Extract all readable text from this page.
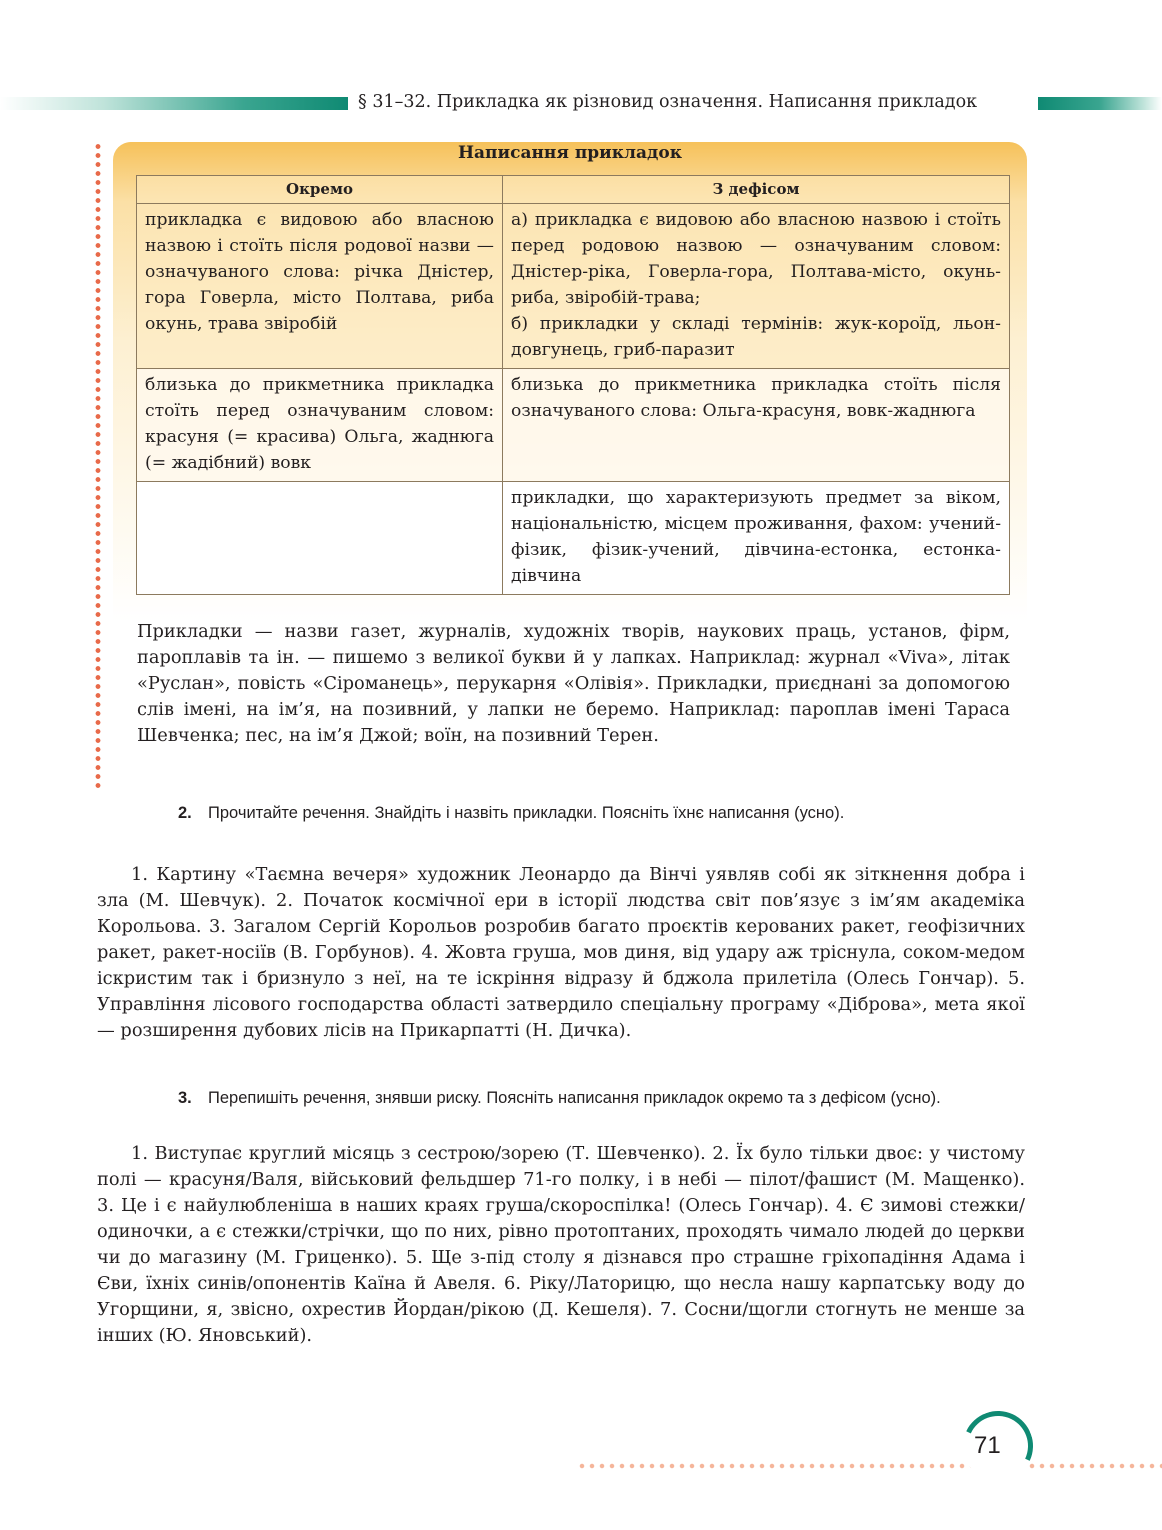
§ 31–32. Прикладка як різновид означення. Написання прикладок
Написання прикладок
Окремо	З дефісом
прикладка є видовою або власною назвою і стоїть після родової назви — означуваного слова: річка Дністер, гора Говерла, місто Полтава, риба окунь, трава звіробій	а) прикладка є видовою або власною назвою і стоїть перед родовою назвою — означуваним словом: Дністер-ріка, Говерла-гора, Полтава-місто, окунь-риба, звіробій-трава;
б) прикладки у складі термінів: жук-короїд, льон-довгунець, гриб-паразит

близька до прикметника прикладка стоїть перед означуваним словом: красуня (= красива) Ольга, жаднюга (= жадібний) вовк	близька до прикметника прикладка стоїть після означуваного слова: Ольга-красуня, вовк-жаднюга
	прикладки, що характеризують предмет за віком, національністю, місцем проживання, фахом: учений-фізик, фізик-учений, дівчина-естонка, естонка-дівчина
Прикладки — назви газет, журналів, художніх творів, наукових праць, установ, фірм, пароплавів та ін. — пишемо з великої букви й у лапках. Наприклад: журнал «Viva», літак «Руслан», повість «Сіроманець», перукарня «Олівія». Прикладки, приєднані за допомогою слів імені, на ім’я, на позивний, у лапки не беремо. Наприклад: пароплав імені Тараса Шевченка; пес, на ім’я Джой; воїн, на позивний Терен.
2. Прочитайте речення. Знайдіть і назвіть прикладки. Поясніть їхнє написання (усно).
1. Картину «Таємна вечеря» художник Леонардо да Вінчі уявляв собі як зіткнення добра і зла (М. Шевчук). 2. Початок космічної ери в історії людства світ пов’язує з ім’ям академіка Корольова. 3. Загалом Сергій Корольов розробив багато проєктів керованих ракет, геофізичних ракет, ракет-носіїв (В. Горбунов). 4. Жовта груша, мов диня, від удару аж тріснула, соком-медом іскристим так і бризнуло з неї, на те іскріння відразу й бджола прилетіла (Олесь Гончар). 5. Управління лісового господарства області затвердило спеціальну програму «Діброва», мета якої — розширення дубових лісів на Прикарпатті (Н. Дичка).
3. Перепишіть речення, знявши риску. Поясніть написання прикладок окремо та з дефісом (усно).
1. Виступає круглий місяць з сестрою/зорею (Т. Шевченко). 2. Їх було тільки двоє: у чистому полі — красуня/Валя, військовий фельдшер 71-го полку, і в небі — пілот/фашист (М. Мащенко). 3. Це і є найулюбленіша в наших краях груша/скороспілка! (Олесь Гончар). 4. Є зимові стежки/одиночки, а є стежки/стрічки, що по них, рівно протоптаних, проходять чимало людей до церкви чи до магазину (М. Гриценко). 5. Ще з-під столу я дізнався про страшне гріхопадіння Адама і Єви, їхніх синів/опонентів Каїна й Авеля. 6. Ріку/Латорицю, що несла нашу карпатську воду до Угорщини, я, звісно, охрестив Йордан/рікою (Д. Кешеля). 7. Сосни/щогли стогнуть не менше за інших (Ю. Яновський).
71
